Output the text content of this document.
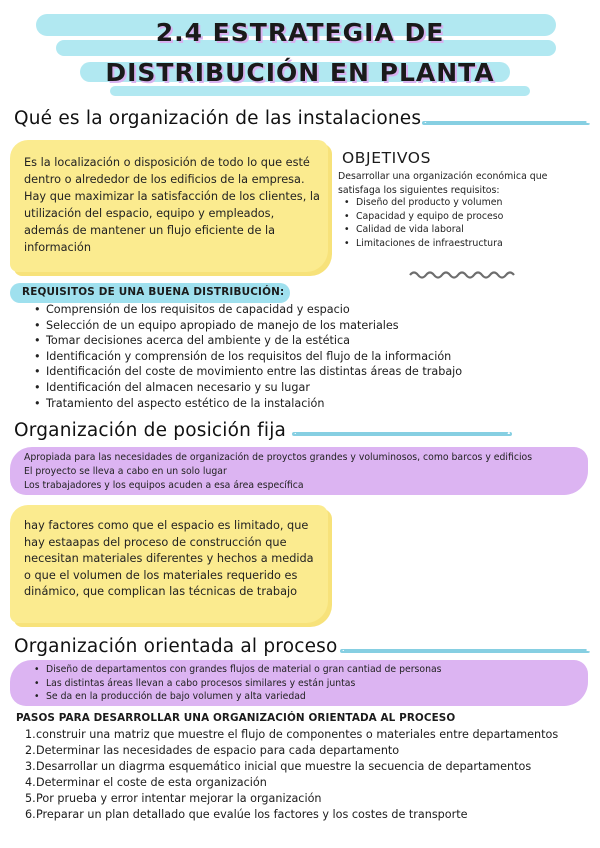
2.4 ESTRATEGIA DE
DISTRIBUCIÓN EN PLANTA
Qué es la organización de las instalaciones
Es la localización o disposición de todo lo que esté dentro o alrededor de los edificios de la empresa. Hay que maximizar la satisfacción de los clientes, la utilización del espacio, equipo y empleados, además de mantener un flujo eficiente de la información
OBJETIVOS
Desarrollar una organización económica que satisfaga los siguientes requisitos:
• Diseño del producto y volumen
• Capacidad y equipo de proceso
• Calidad de vida laboral
• Limitaciones de infraestructura
REQUISITOS DE UNA BUENA DISTRIBUCIÓN:
• Comprensión de los requisitos de capacidad y espacio
• Selección de un equipo apropiado de manejo de los materiales
• Tomar decisiones acerca del ambiente y de la estética
• Identificación y comprensión de los requisitos del flujo de la información
• Identificación del coste de movimiento entre las distintas áreas de trabajo
• Identificación del almacen necesario y su lugar
• Tratamiento del aspecto estético de la instalación
Organización de posición fija
Apropiada para las necesidades de organización de proyctos grandes y voluminosos, como barcos y edificios
El proyecto se lleva a cabo en un solo lugar
Los trabajadores y los equipos acuden a esa área específica
hay factores como que el espacio es limitado, que hay estaapas del proceso de construcción que necesitan materiales diferentes y hechos a medida o que el volumen de los materiales requerido es dinámico, que complican las técnicas de trabajo
Organización orientada al proceso
• Diseño de departamentos con grandes flujos de material o gran cantiad de personas
• Las distintas áreas llevan a cabo procesos similares y están juntas
• Se da en la producción de bajo volumen y alta variedad
PASOS PARA DESARROLLAR UNA ORGANIZACIÓN ORIENTADA AL PROCESO
1. construir una matriz que muestre el flujo de componentes o materiales entre departamentos
2. Determinar las necesidades de espacio para cada departamento
3. Desarrollar un diagrma esquemático inicial que muestre la secuencia de departamentos
4. Determinar el coste de esta organización
5. Por prueba y error intentar mejorar la organización
6. Preparar un plan detallado que evalúe los factores y los costes de transporte
